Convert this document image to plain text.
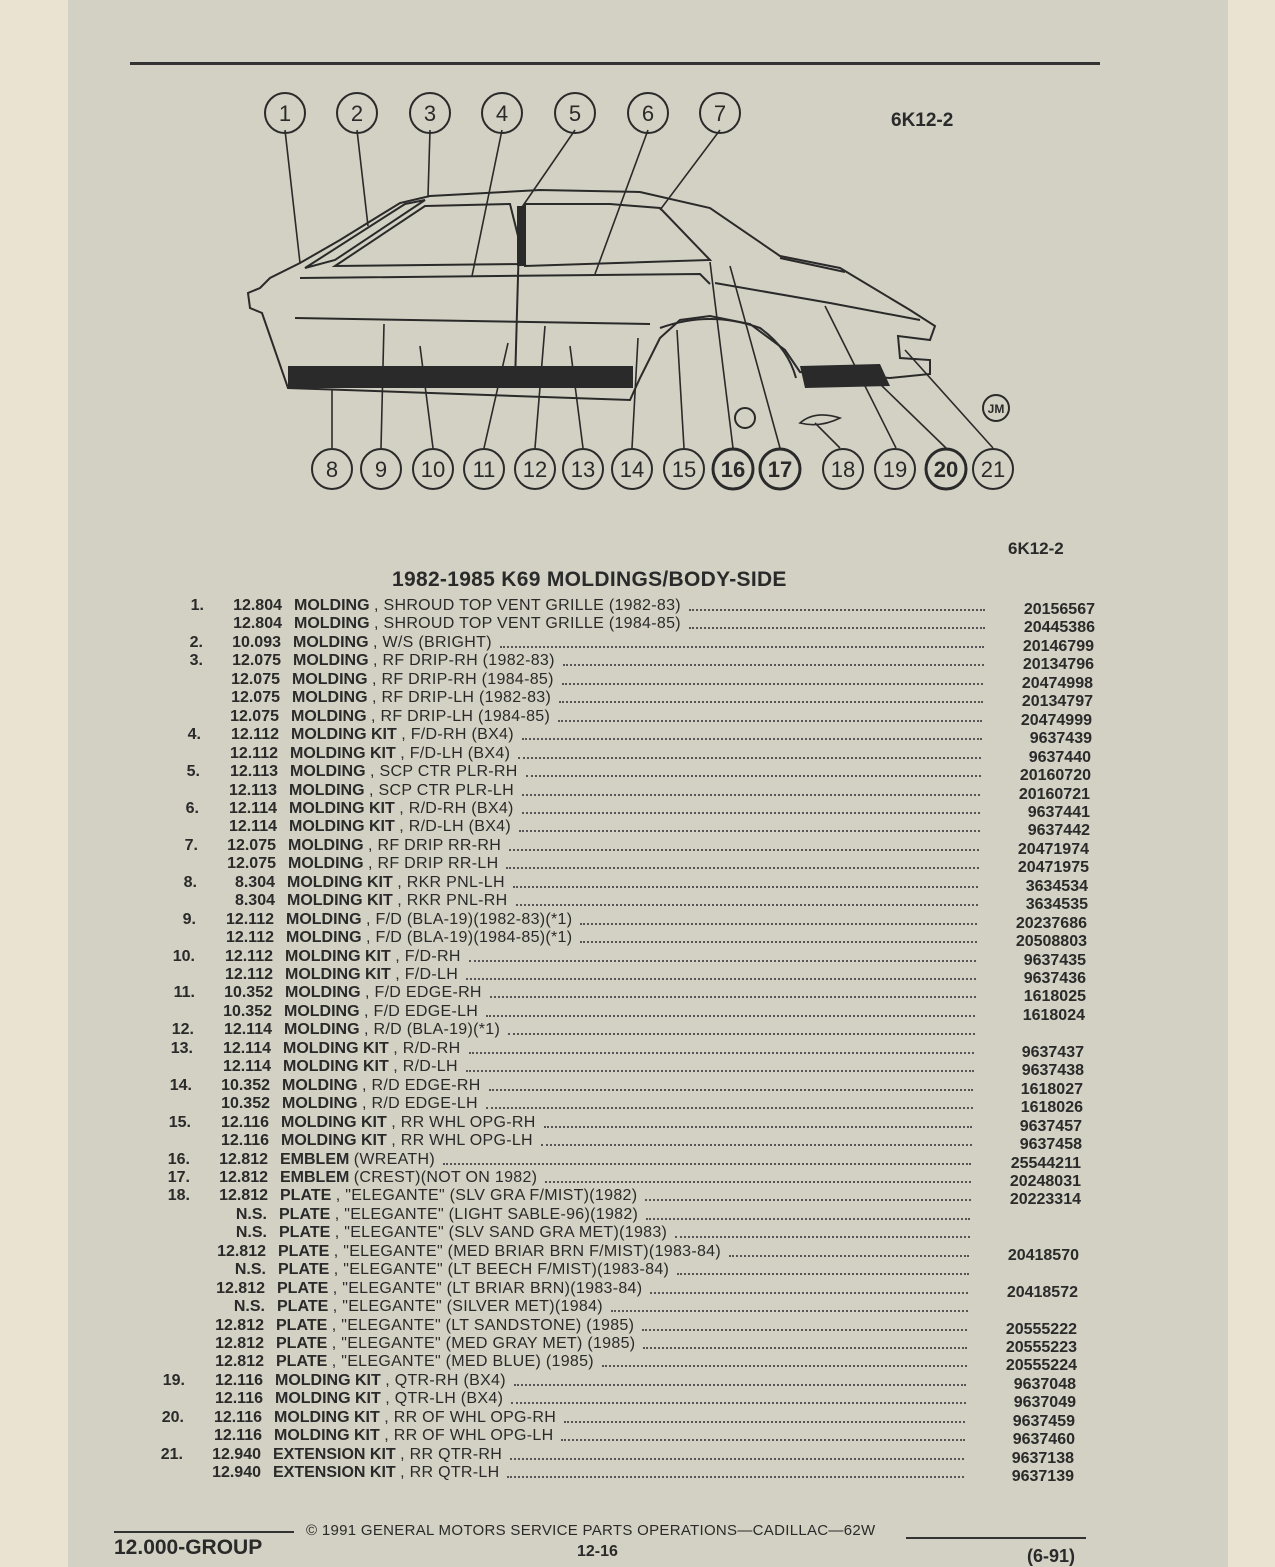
6K12-2
1	2	3	4	5	6	7
8 9 10 11 12 13 14 15 16 17 18 19 20 21
JM
6K12-2
1982-1985 K69 MOLDINGS/BODY-SIDE
1.	12.804 MOLDING , SHROUD TOP VENT GRILLE (1982-83)	20156567
12.804 MOLDING , SHROUD TOP VENT GRILLE (1984-85)	20445386
2.	10.093 MOLDING , W/S (BRIGHT)	20146799
3.	12.075 MOLDING , RF DRIP-RH (1982-83)	20134796
12.075 MOLDING , RF DRIP-RH (1984-85)	20474998
12.075 MOLDING , RF DRIP-LH (1982-83)	20134797
12.075 MOLDING , RF DRIP-LH (1984-85)	20474999
4.	12.112 MOLDING KIT , F/D-RH (BX4)	9637439
12.112 MOLDING KIT , F/D-LH (BX4)	9637440
5.	12.113 MOLDING , SCP CTR PLR-RH	20160720
12.113 MOLDING , SCP CTR PLR-LH	20160721
6.	12.114 MOLDING KIT , R/D-RH (BX4)	9637441
12.114 MOLDING KIT , R/D-LH (BX4)	9637442
7.	12.075 MOLDING , RF DRIP RR-RH	20471974
12.075 MOLDING , RF DRIP RR-LH	20471975
8.	8.304 MOLDING KIT , RKR PNL-LH	3634534
8.304 MOLDING KIT , RKR PNL-RH	3634535
9.	12.112 MOLDING , F/D (BLA-19)(1982-83)(*1)	20237686
12.112 MOLDING , F/D (BLA-19)(1984-85)(*1)	20508803
10.	12.112 MOLDING KIT , F/D-RH	9637435
12.112 MOLDING KIT , F/D-LH	9637436
11.	10.352 MOLDING , F/D EDGE-RH	1618025
10.352 MOLDING , F/D EDGE-LH	1618024
12.	12.114 MOLDING , R/D (BLA-19)(*1)
13.	12.114 MOLDING KIT , R/D-RH	9637437
12.114 MOLDING KIT , R/D-LH	9637438
14.	10.352 MOLDING , R/D EDGE-RH	1618027
10.352 MOLDING , R/D EDGE-LH	1618026
15.	12.116 MOLDING KIT , RR WHL OPG-RH	9637457
12.116 MOLDING KIT , RR WHL OPG-LH	9637458
16.	12.812 EMBLEM (WREATH)	25544211
17.	12.812 EMBLEM (CREST)(NOT ON 1982)	20248031
18.	12.812 PLATE , "ELEGANTE" (SLV GRA F/MIST)(1982)	20223314
N.S. PLATE , "ELEGANTE" (LIGHT SABLE-96)(1982)
N.S. PLATE , "ELEGANTE" (SLV SAND GRA MET)(1983)
12.812 PLATE , "ELEGANTE" (MED BRIAR BRN F/MIST)(1983-84)	20418570
N.S. PLATE , "ELEGANTE" (LT BEECH F/MIST)(1983-84)
12.812 PLATE , "ELEGANTE" (LT BRIAR BRN)(1983-84)	20418572
N.S. PLATE , "ELEGANTE" (SILVER MET)(1984)
12.812 PLATE , "ELEGANTE" (LT SANDSTONE) (1985)	20555222
12.812 PLATE , "ELEGANTE" (MED GRAY MET) (1985)	20555223
12.812 PLATE , "ELEGANTE" (MED BLUE) (1985)	20555224
19.	12.116 MOLDING KIT , QTR-RH (BX4)	9637048
12.116 MOLDING KIT , QTR-LH (BX4)	9637049
20.	12.116 MOLDING KIT , RR OF WHL OPG-RH	9637459
12.116 MOLDING KIT , RR OF WHL OPG-LH	9637460
21.	12.940 EXTENSION KIT , RR QTR-RH	9637138
12.940 EXTENSION KIT , RR QTR-LH	9637139
12.000-GROUP
© 1991 GENERAL MOTORS SERVICE PARTS OPERATIONS—CADILLAC—62W
12-16	(6-91)
